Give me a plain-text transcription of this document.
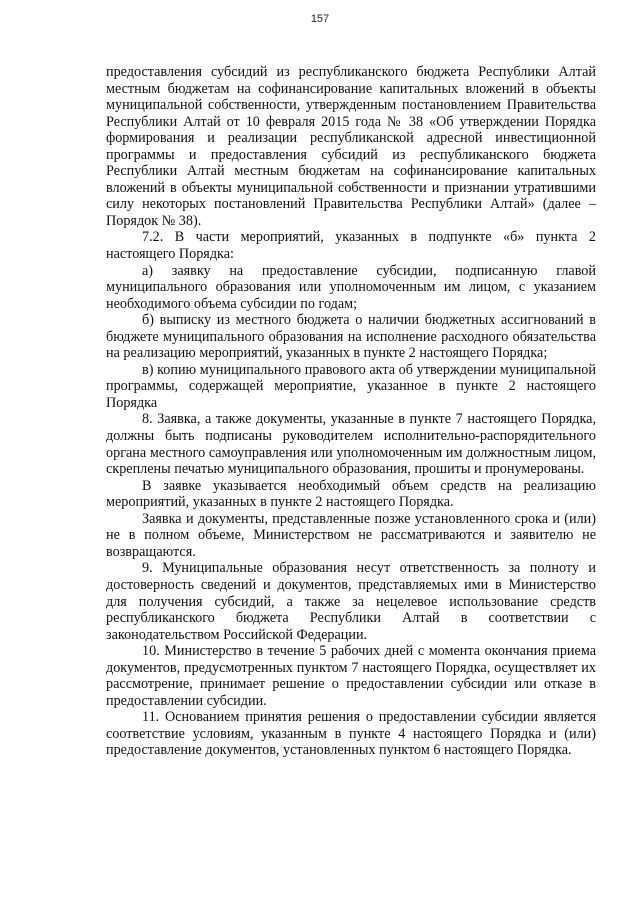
157

предоставления субсидий из республиканского бюджета Республики Алтай местным бюджетам на софинансирование капитальных вложений в объекты муниципальной собственности, утвержденным постановлением Правительства Республики Алтай от 10 февраля 2015 года № 38 «Об утверждении Порядка формирования и реализации республиканской адресной инвестиционной программы и предоставления субсидий из республиканского бюджета Республики Алтай местным бюджетам на софинансирование капитальных вложений в объекты муниципальной собственности и признании утратившими силу некоторых постановлений Правительства Республики Алтай» (далее – Порядок № 38).

7.2. В части мероприятий, указанных в подпункте «б» пункта 2 настоящего Порядка:

а) заявку на предоставление субсидии, подписанную главой муниципального образования или уполномоченным им лицом, с указанием необходимого объема субсидии по годам;

б) выписку из местного бюджета о наличии бюджетных ассигнований в бюджете муниципального образования на исполнение расходного обязательства на реализацию мероприятий, указанных в пункте 2 настоящего Порядка;

в) копию муниципального правового акта об утверждении муниципальной программы, содержащей мероприятие, указанное в пункте 2 настоящего Порядка

8. Заявка, а также документы, указанные в пункте 7 настоящего Порядка, должны быть подписаны руководителем исполнительно-распорядительного органа местного самоуправления или уполномоченным им должностным лицом, скреплены печатью муниципального образования, прошиты и пронумерованы.

В заявке указывается необходимый объем средств на реализацию мероприятий, указанных в пункте 2 настоящего Порядка.

Заявка и документы, представленные позже установленного срока и (или) не в полном объеме, Министерством не рассматриваются и заявителю не возвращаются.

9. Муниципальные образования несут ответственность за полноту и достоверность сведений и документов, представляемых ими в Министерство для получения субсидий, а также за нецелевое использование средств республиканского бюджета Республики Алтай в соответствии с законодательством Российской Федерации.

10. Министерство в течение 5 рабочих дней с момента окончания приема документов, предусмотренных пунктом 7 настоящего Порядка, осуществляет их рассмотрение, принимает решение о предоставлении субсидии или отказе в предоставлении субсидии.

11. Основанием принятия решения о предоставлении субсидии является соответствие условиям, указанным в пункте 4 настоящего Порядка и (или) предоставление документов, установленных пунктом 6 настоящего Порядка.
